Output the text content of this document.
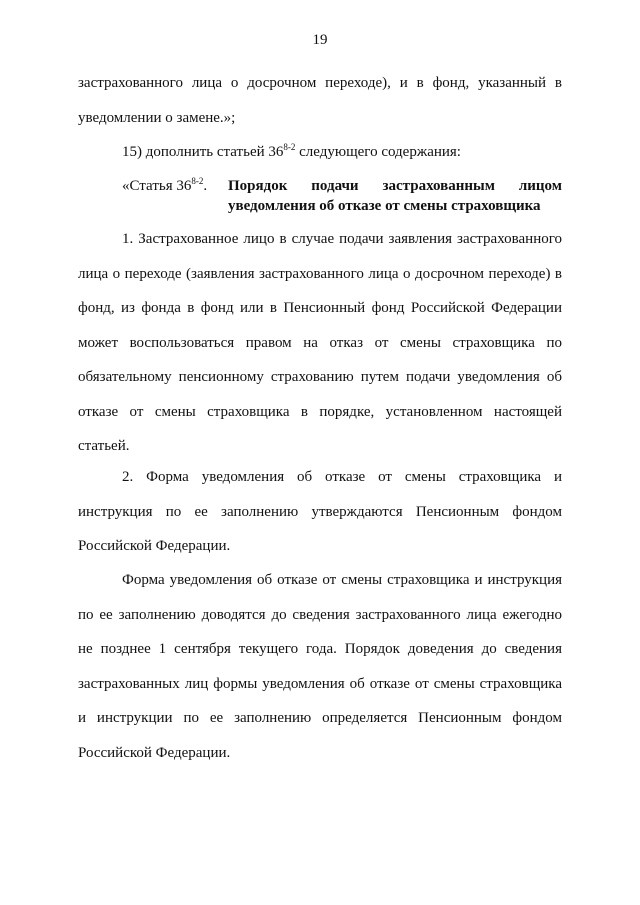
19
застрахованного лица о досрочном переходе), и в фонд, указанный в
уведомлении о замене.»;
15) дополнить статьей 36$^{8-2}$ следующего содержания:
«Статья 36$^{8-2}$. Порядок подачи застрахованным лицом
уведомления об отказе от смены страховщика
1. Застрахованное лицо в случае подачи заявления застрахованного
лица о переходе (заявления застрахованного лица о досрочном переходе) в
фонд, из фонда в фонд или в Пенсионный фонд Российской Федерации
может воспользоваться правом на отказ от смены страховщика по
обязательному пенсионному страхованию путем подачи уведомления об
отказе от смены страховщика в порядке, установленном настоящей
статьей.
2. Форма уведомления об отказе от смены страховщика и
инструкция по ее заполнению утверждаются Пенсионным фондом
Российской Федерации.
Форма уведомления об отказе от смены страховщика и инструкция
по ее заполнению доводятся до сведения застрахованного лица ежегодно
не позднее 1 сентября текущего года. Порядок доведения до сведения
застрахованных лиц формы уведомления об отказе от смены страховщика
и инструкции по ее заполнению определяется Пенсионным фондом
Российской Федерации.
